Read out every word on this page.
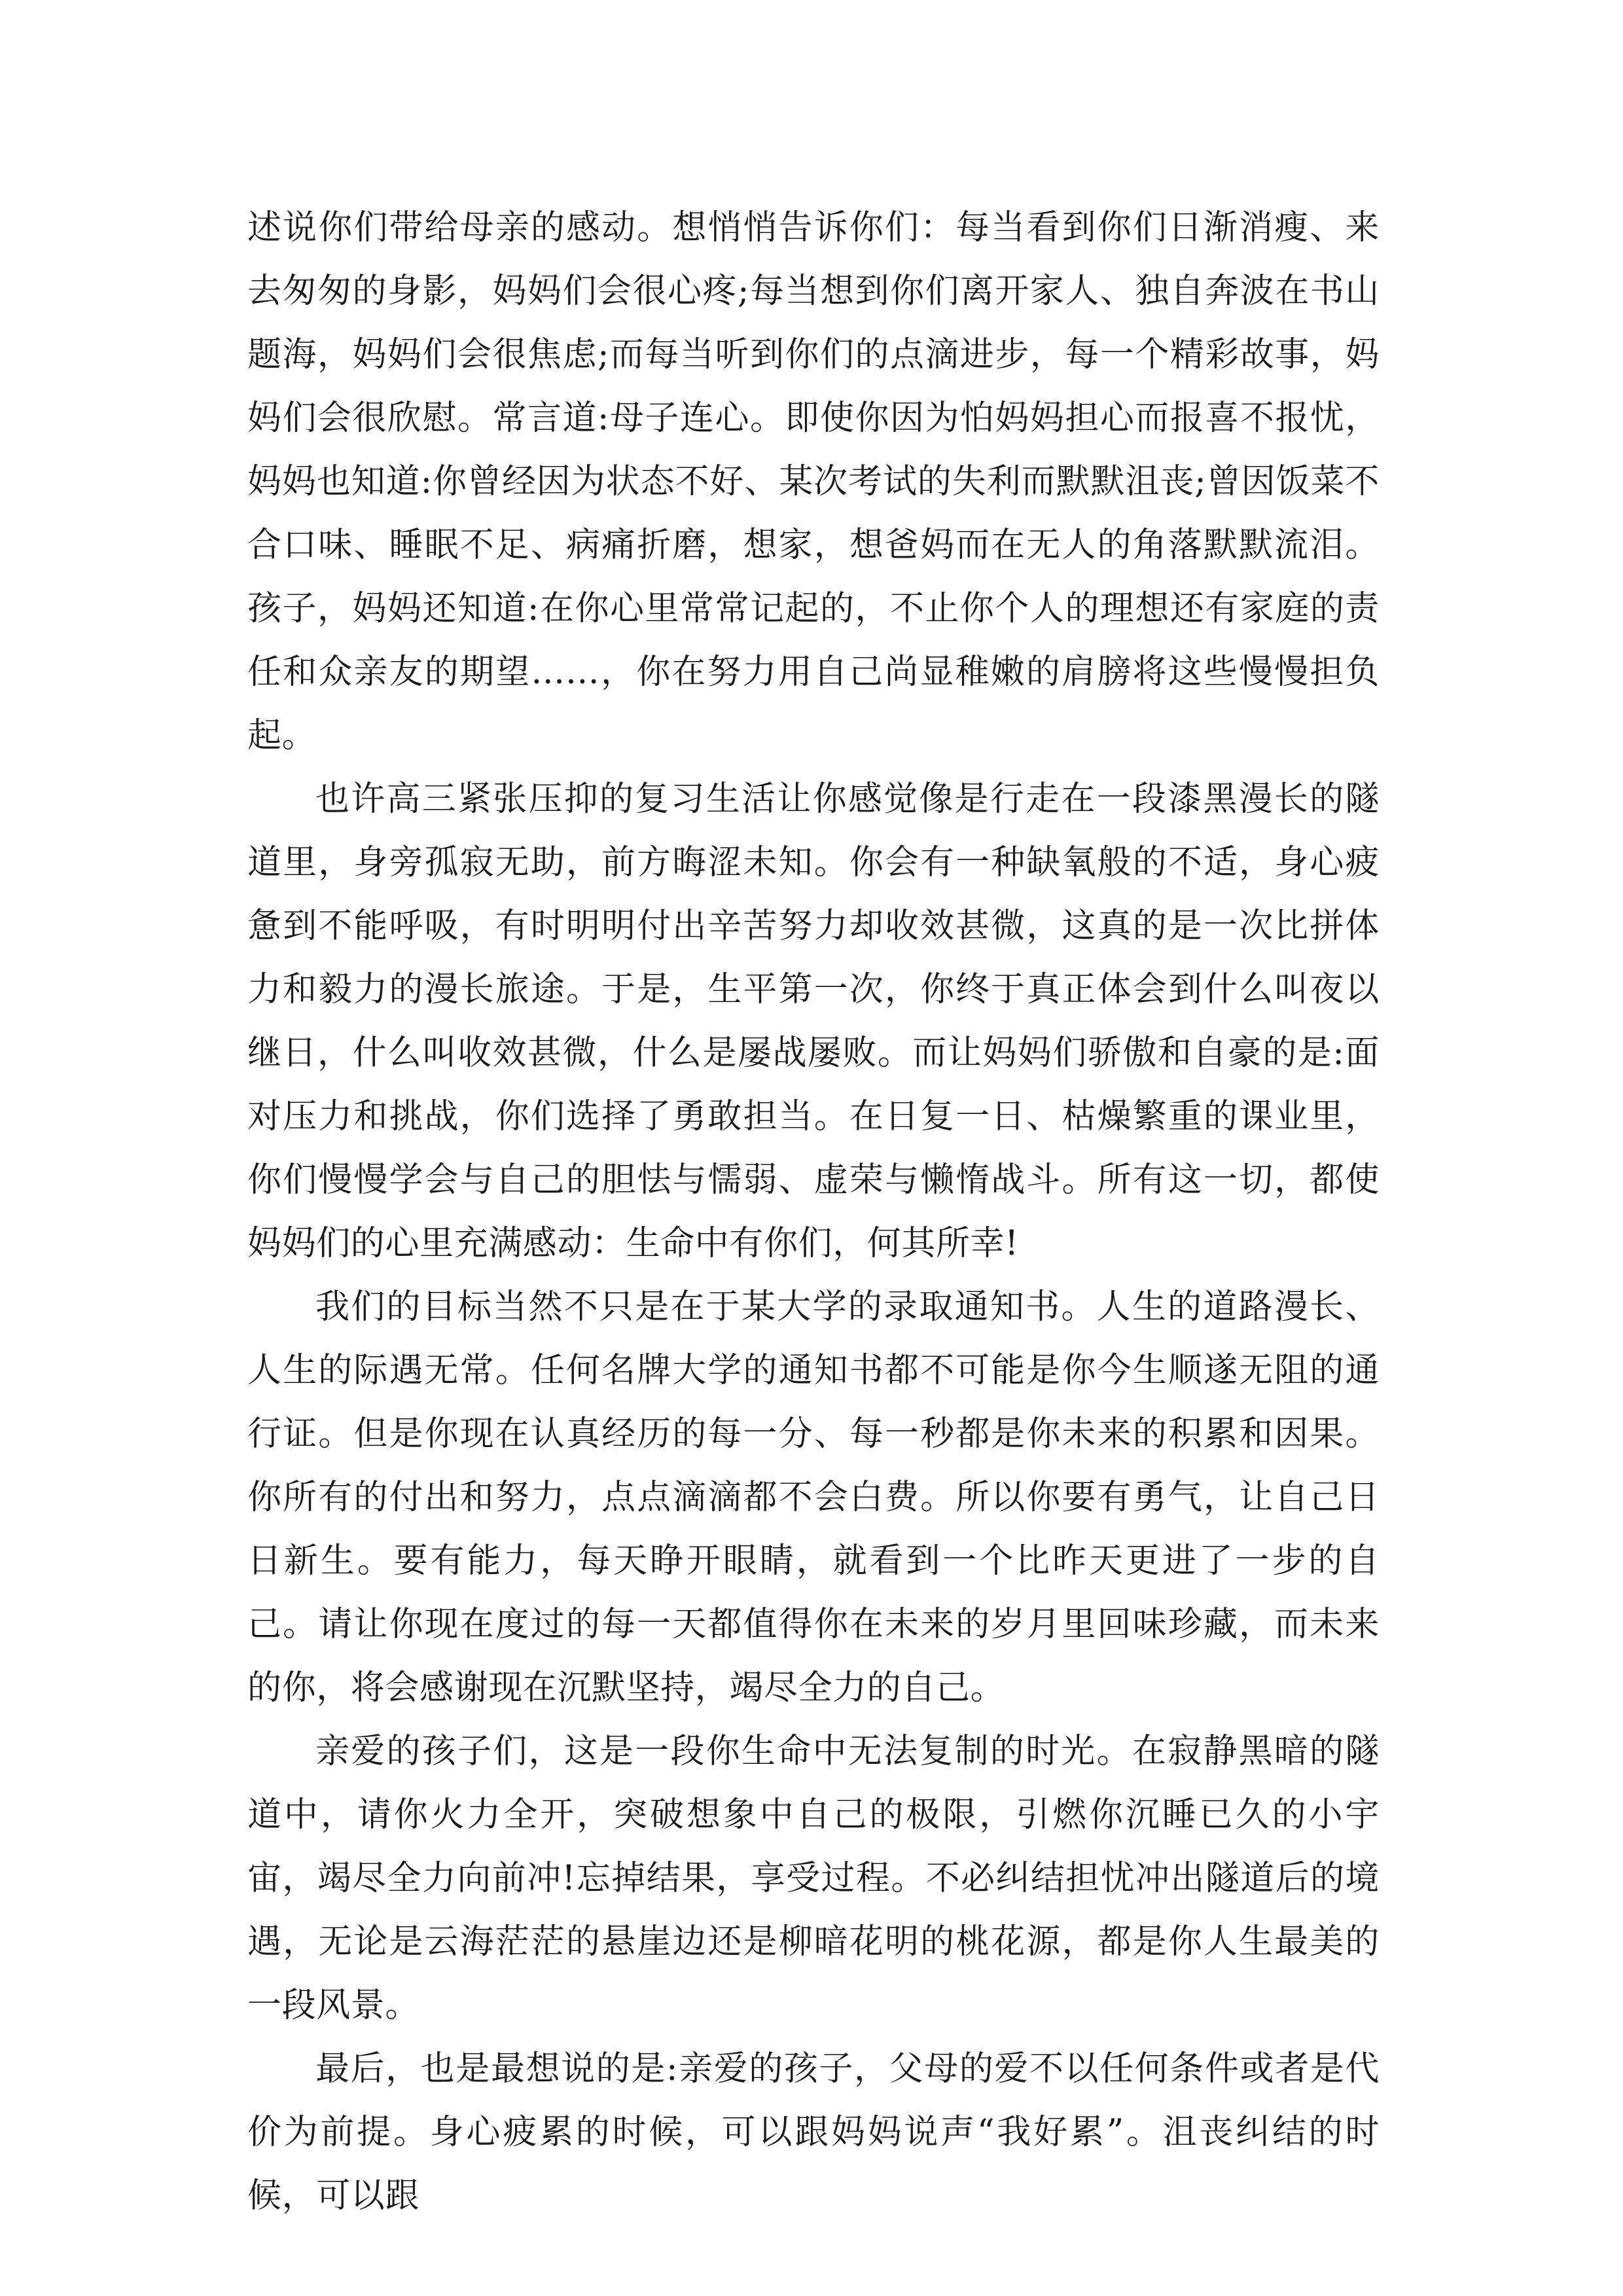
述说你们带给母亲的感动。想悄悄告诉你们：每当看到你们日渐消瘦、来去匆匆的身影，妈妈们会很心疼;每当想到你们离开家人、独自奔波在书山题海，妈妈们会很焦虑;而每当听到你们的点滴进步，每一个精彩故事，妈妈们会很欣慰。常言道:母子连心。即使你因为怕妈妈担心而报喜不报忧，妈妈也知道:你曾经因为状态不好、某次考试的失利而默默沮丧;曾因饭菜不合口味、睡眠不足、病痛折磨，想家，想爸妈而在无人的角落默默流泪。孩子，妈妈还知道:在你心里常常记起的，不止你个人的理想还有家庭的责任和众亲友的期望……，你在努力用自己尚显稚嫩的肩膀将这些慢慢担负起。

也许高三紧张压抑的复习生活让你感觉像是行走在一段漆黑漫长的隧道里，身旁孤寂无助，前方晦涩未知。你会有一种缺氧般的不适，身心疲惫到不能呼吸，有时明明付出辛苦努力却收效甚微，这真的是一次比拼体力和毅力的漫长旅途。于是，生平第一次，你终于真正体会到什么叫夜以继日，什么叫收效甚微，什么是屡战屡败。而让妈妈们骄傲和自豪的是:面对压力和挑战，你们选择了勇敢担当。在日复一日、枯燥繁重的课业里，你们慢慢学会与自己的胆怯与懦弱、虚荣与懒惰战斗。所有这一切，都使妈妈们的心里充满感动：生命中有你们，何其所幸!

我们的目标当然不只是在于某大学的录取通知书。人生的道路漫长、人生的际遇无常。任何名牌大学的通知书都不可能是你今生顺遂无阻的通行证。但是你现在认真经历的每一分、每一秒都是你未来的积累和因果。你所有的付出和努力，点点滴滴都不会白费。所以你要有勇气，让自己日日新生。要有能力，每天睁开眼睛，就看到一个比昨天更进了一步的自己。请让你现在度过的每一天都值得你在未来的岁月里回味珍藏，而未来的你，将会感谢现在沉默坚持，竭尽全力的自己。

亲爱的孩子们，这是一段你生命中无法复制的时光。在寂静黑暗的隧道中，请你火力全开，突破想象中自己的极限，引燃你沉睡已久的小宇宙，竭尽全力向前冲!忘掉结果，享受过程。不必纠结担忧冲出隧道后的境遇，无论是云海茫茫的悬崖边还是柳暗花明的桃花源，都是你人生最美的一段风景。

最后，也是最想说的是:亲爱的孩子，父母的爱不以任何条件或者是代价为前提。身心疲累的时候，可以跟妈妈说声“我好累”。沮丧纠结的时候，可以跟
